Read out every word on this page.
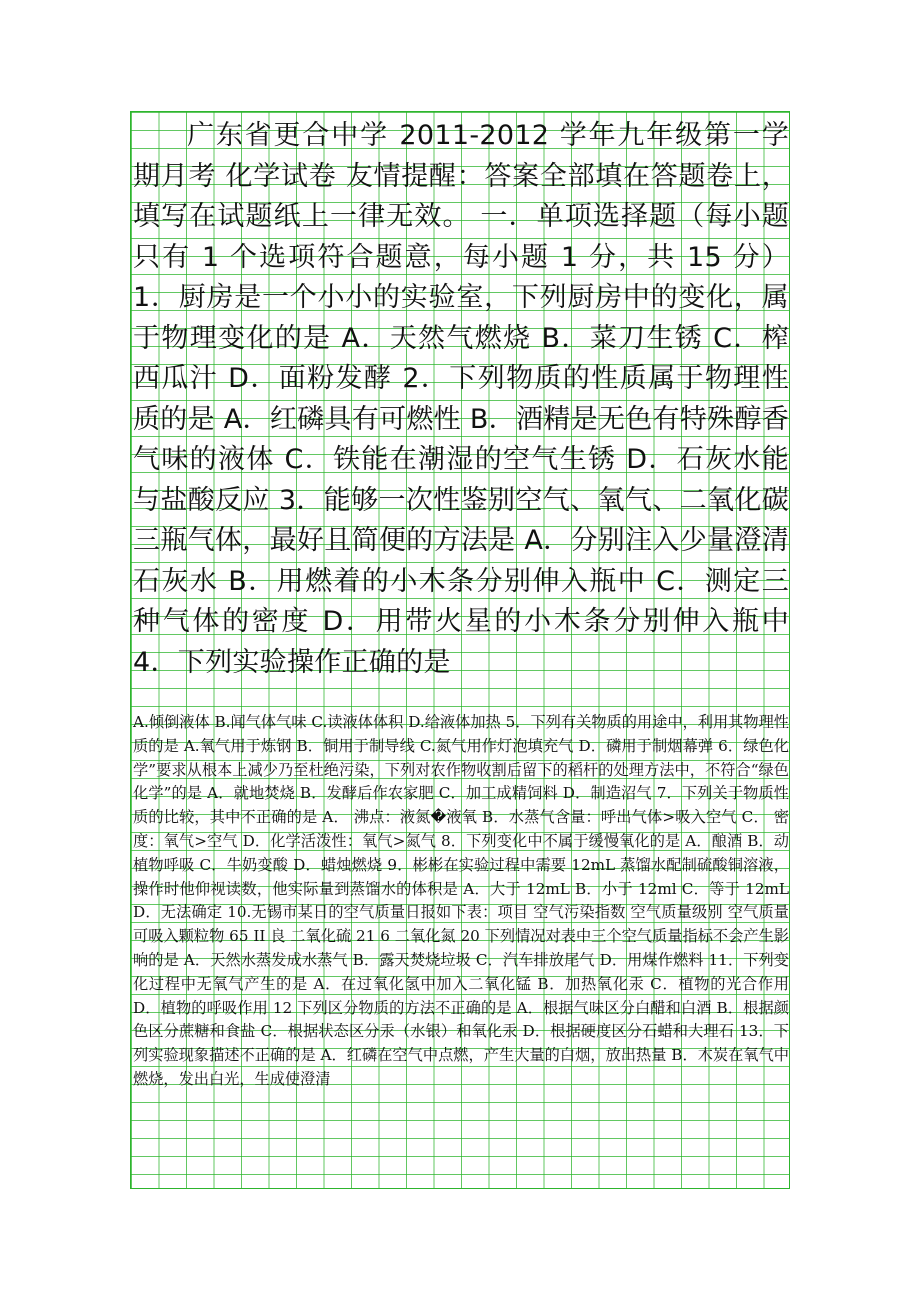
广东省更合中学 2011-2012 学年九年级第一学期月考 化学试卷 友情提醒：答案全部填在答题卷上，填写在试题纸上一律无效。 一．单项选择题（每小题只有 1 个选项符合题意，每小题 1 分，共 15 分） 1．厨房是一个小小的实验室，下列厨房中的变化，属于物理变化的是 A．天然气燃烧 B．菜刀生锈 C．榨西瓜汁 D．面粉发酵 2．下列物质的性质属于物理性质的是 A．红磷具有可燃性 B．酒精是无色有特殊醇香气味的液体 C．铁能在潮湿的空气生锈 D．石灰水能与盐酸反应 3．能够一次性鉴别空气、氧气、二氧化碳三瓶气体，最好且简便的方法是 A．分别注入少量澄清石灰水 B．用燃着的小木条分别伸入瓶中 C．测定三种气体的密度 D．用带火星的小木条分别伸入瓶中 4．下列实验操作正确的是

A.倾倒液体 B.闻气体气味 C.读液体体积 D.给液体加热 5．下列有关物质的用途中，利用其物理性质的是 A.氧气用于炼钢 B．铜用于制导线 C.氮气用作灯泡填充气 D．磷用于制烟幕弹 6．绿色化学”要求从根本上减少乃至杜绝污染，下列对农作物收割后留下的稻杆的处理方法中，不符合“绿色化学”的是 A．就地焚烧 B．发酵后作农家肥 C．加工成精饲料 D．制造沼气 7．下列关于物质性质的比较，其中不正确的是 A． 沸点：液氮�液氧 B．水蒸气含量：呼出气体>吸入空气 C． 密度：氧气>空气 D．化学活泼性：氧气>氮气 8．下列变化中不属于缓慢氧化的是 A．酿酒 B．动植物呼吸 C．牛奶变酸 D．蜡烛燃烧 9．彬彬在实验过程中需要 12mL 蒸馏水配制硫酸铜溶液，操作时他仰视读数，他实际量到蒸馏水的体积是 A．大于 12mL B．小于 12ml C．等于 12mL D．无法确定 10.无锡市某日的空气质量日报如下表：项目 空气污染指数 空气质量级别 空气质量 可吸入颗粒物 65 II 良 二氧化硫 21 6 二氧化氮 20 下列情况对表中三个空气质量指标不会产生影响的是 A．天然水蒸发成水蒸气 B．露天焚烧垃圾 C．汽车排放尾气 D．用煤作燃料 11．下列变化过程中无氧气产生的是 A．在过氧化氢中加入二氧化锰 B．加热氧化汞 C．植物的光合作用 D．植物的呼吸作用 12 下列区分物质的方法不正确的是 A．根据气味区分白醋和白酒 B．根据颜色区分蔗糖和食盐 C．根据状态区分汞（水银）和氧化汞 D．根据硬度区分石蜡和大理石 13．下列实验现象描述不正确的是 A．红磷在空气中点燃，产生大量的白烟，放出热量 B．木炭在氧气中燃烧，发出白光，生成使澄清
